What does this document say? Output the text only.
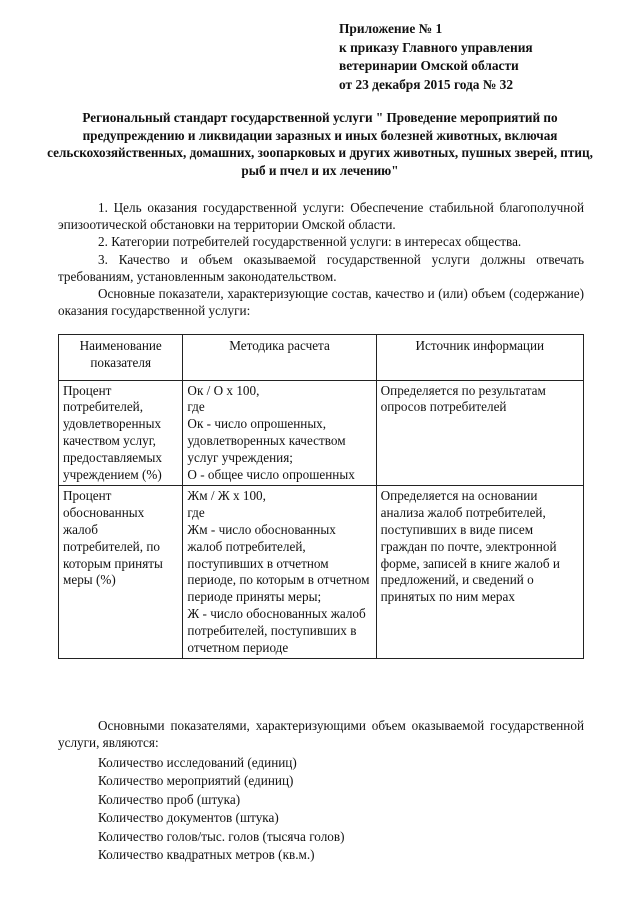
Приложение № 1
к приказу Главного управления
ветеринарии Омской области
от 23 декабря 2015 года № 32
Региональный стандарт государственной услуги " Проведение мероприятий по предупреждению и ликвидации заразных и иных болезней животных, включая сельскохозяйственных, домашних, зоопарковых и других животных, пушных зверей, птиц, рыб и пчел и их лечению"
1. Цель оказания государственной услуги: Обеспечение стабильной благополучной эпизоотической обстановки на территории Омской области.
2. Категории потребителей государственной услуги: в интересах общества.
3. Качество и объем оказываемой государственной услуги должны отвечать требованиям, установленным законодательством.
Основные показатели, характеризующие состав, качество и (или) объем (содержание) оказания государственной услуги:
Наименование показателя	Методика расчета	Источник информации
Процент потребителей, удовлетворенных качеством услуг, предоставляемых учреждением (%)	Ок / О х 100,
где
Ок - число опрошенных, удовлетворенных качеством услуг учреждения;
О - общее число опрошенных	Определяется по результатам опросов потребителей
Процент обоснованных жалоб потребителей, по которым приняты меры (%)	Жм / Ж х 100,
где
Жм - число обоснованных жалоб потребителей, поступивших в отчетном периоде, по которым в отчетном периоде приняты меры;
Ж - число обоснованных жалоб потребителей, поступивших в отчетном периоде	Определяется на основании анализа жалоб потребителей, поступивших в виде писем граждан по почте, электронной форме, записей в книге жалоб и предложений, и сведений о принятых по ним мерах
Основными показателями, характеризующими объем оказываемой государственной услуги, являются:
Количество исследований (единиц)
Количество мероприятий (единиц)
Количество проб (штука)
Количество документов (штука)
Количество голов/тыс. голов (тысяча голов)
Количество квадратных метров (кв.м.)
